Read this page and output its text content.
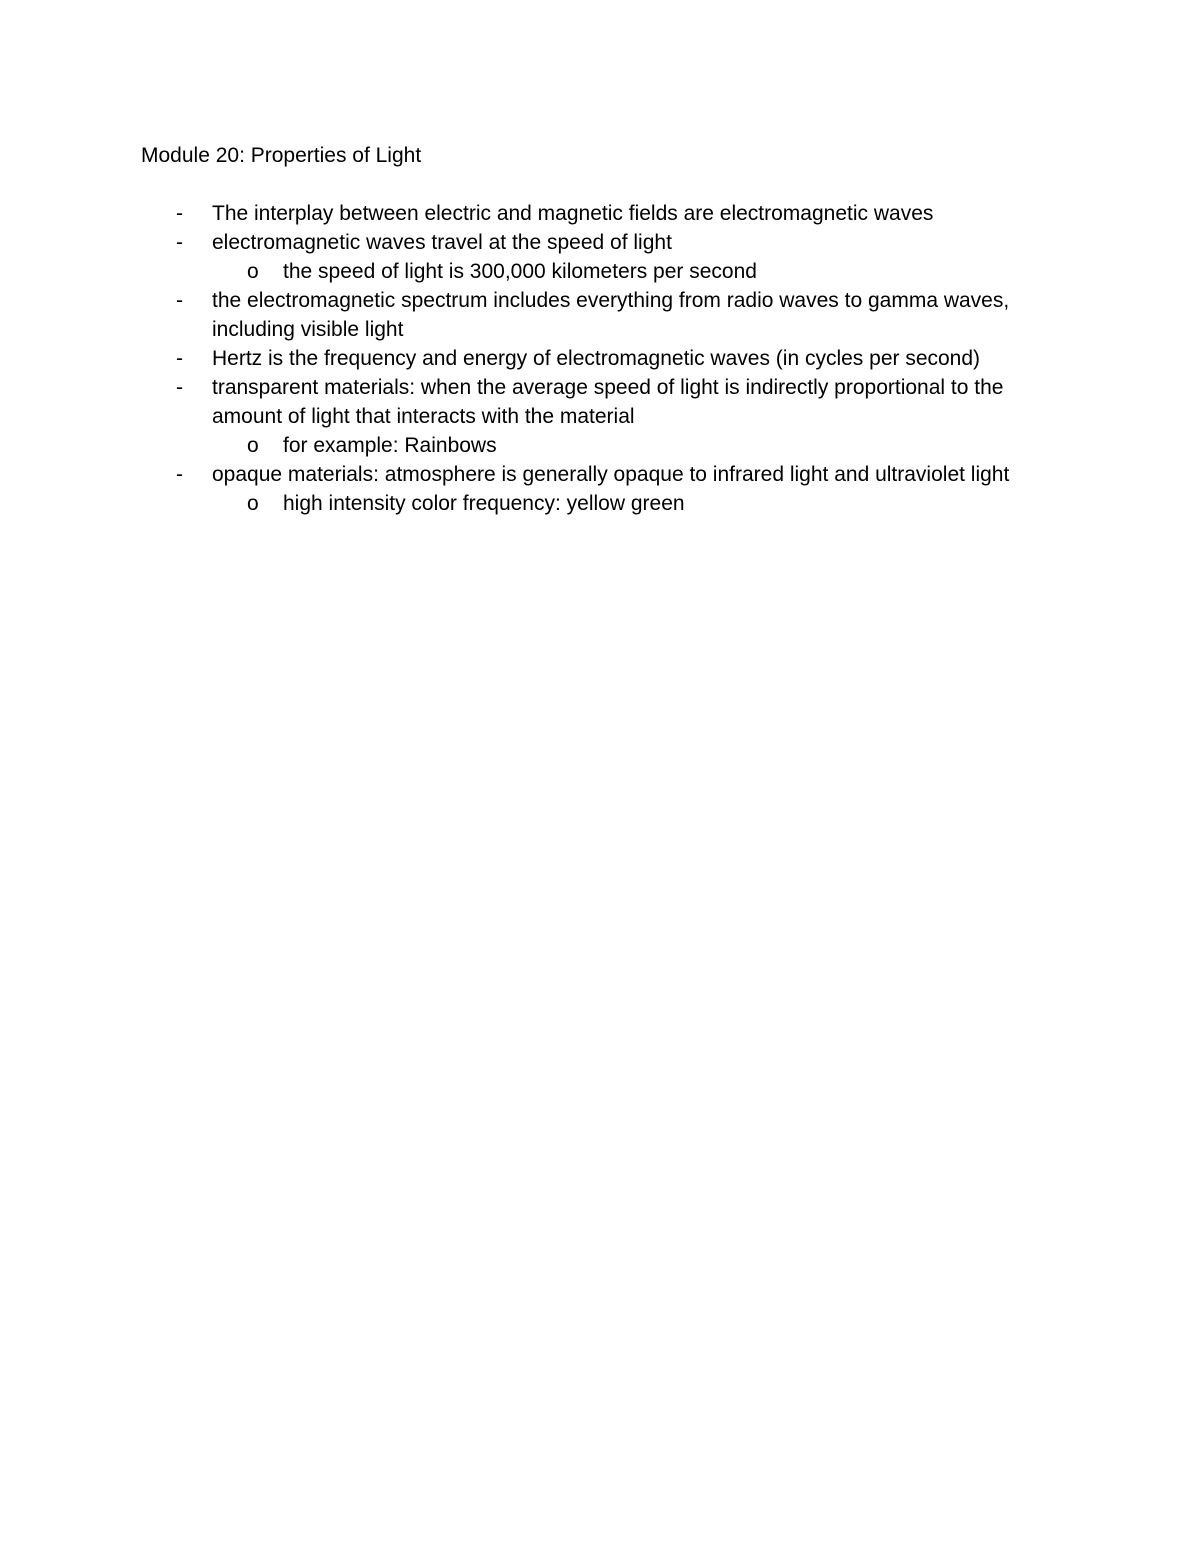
Module 20: Properties of Light
- The interplay between electric and magnetic fields are electromagnetic waves
- electromagnetic waves travel at the speed of light
o the speed of light is 300,000 kilometers per second
- the electromagnetic spectrum includes everything from radio waves to gamma waves, including visible light
- Hertz is the frequency and energy of electromagnetic waves (in cycles per second)
- transparent materials: when the average speed of light is indirectly proportional to the amount of light that interacts with the material
o for example: Rainbows
- opaque materials: atmosphere is generally opaque to infrared light and ultraviolet light
o high intensity color frequency: yellow green
